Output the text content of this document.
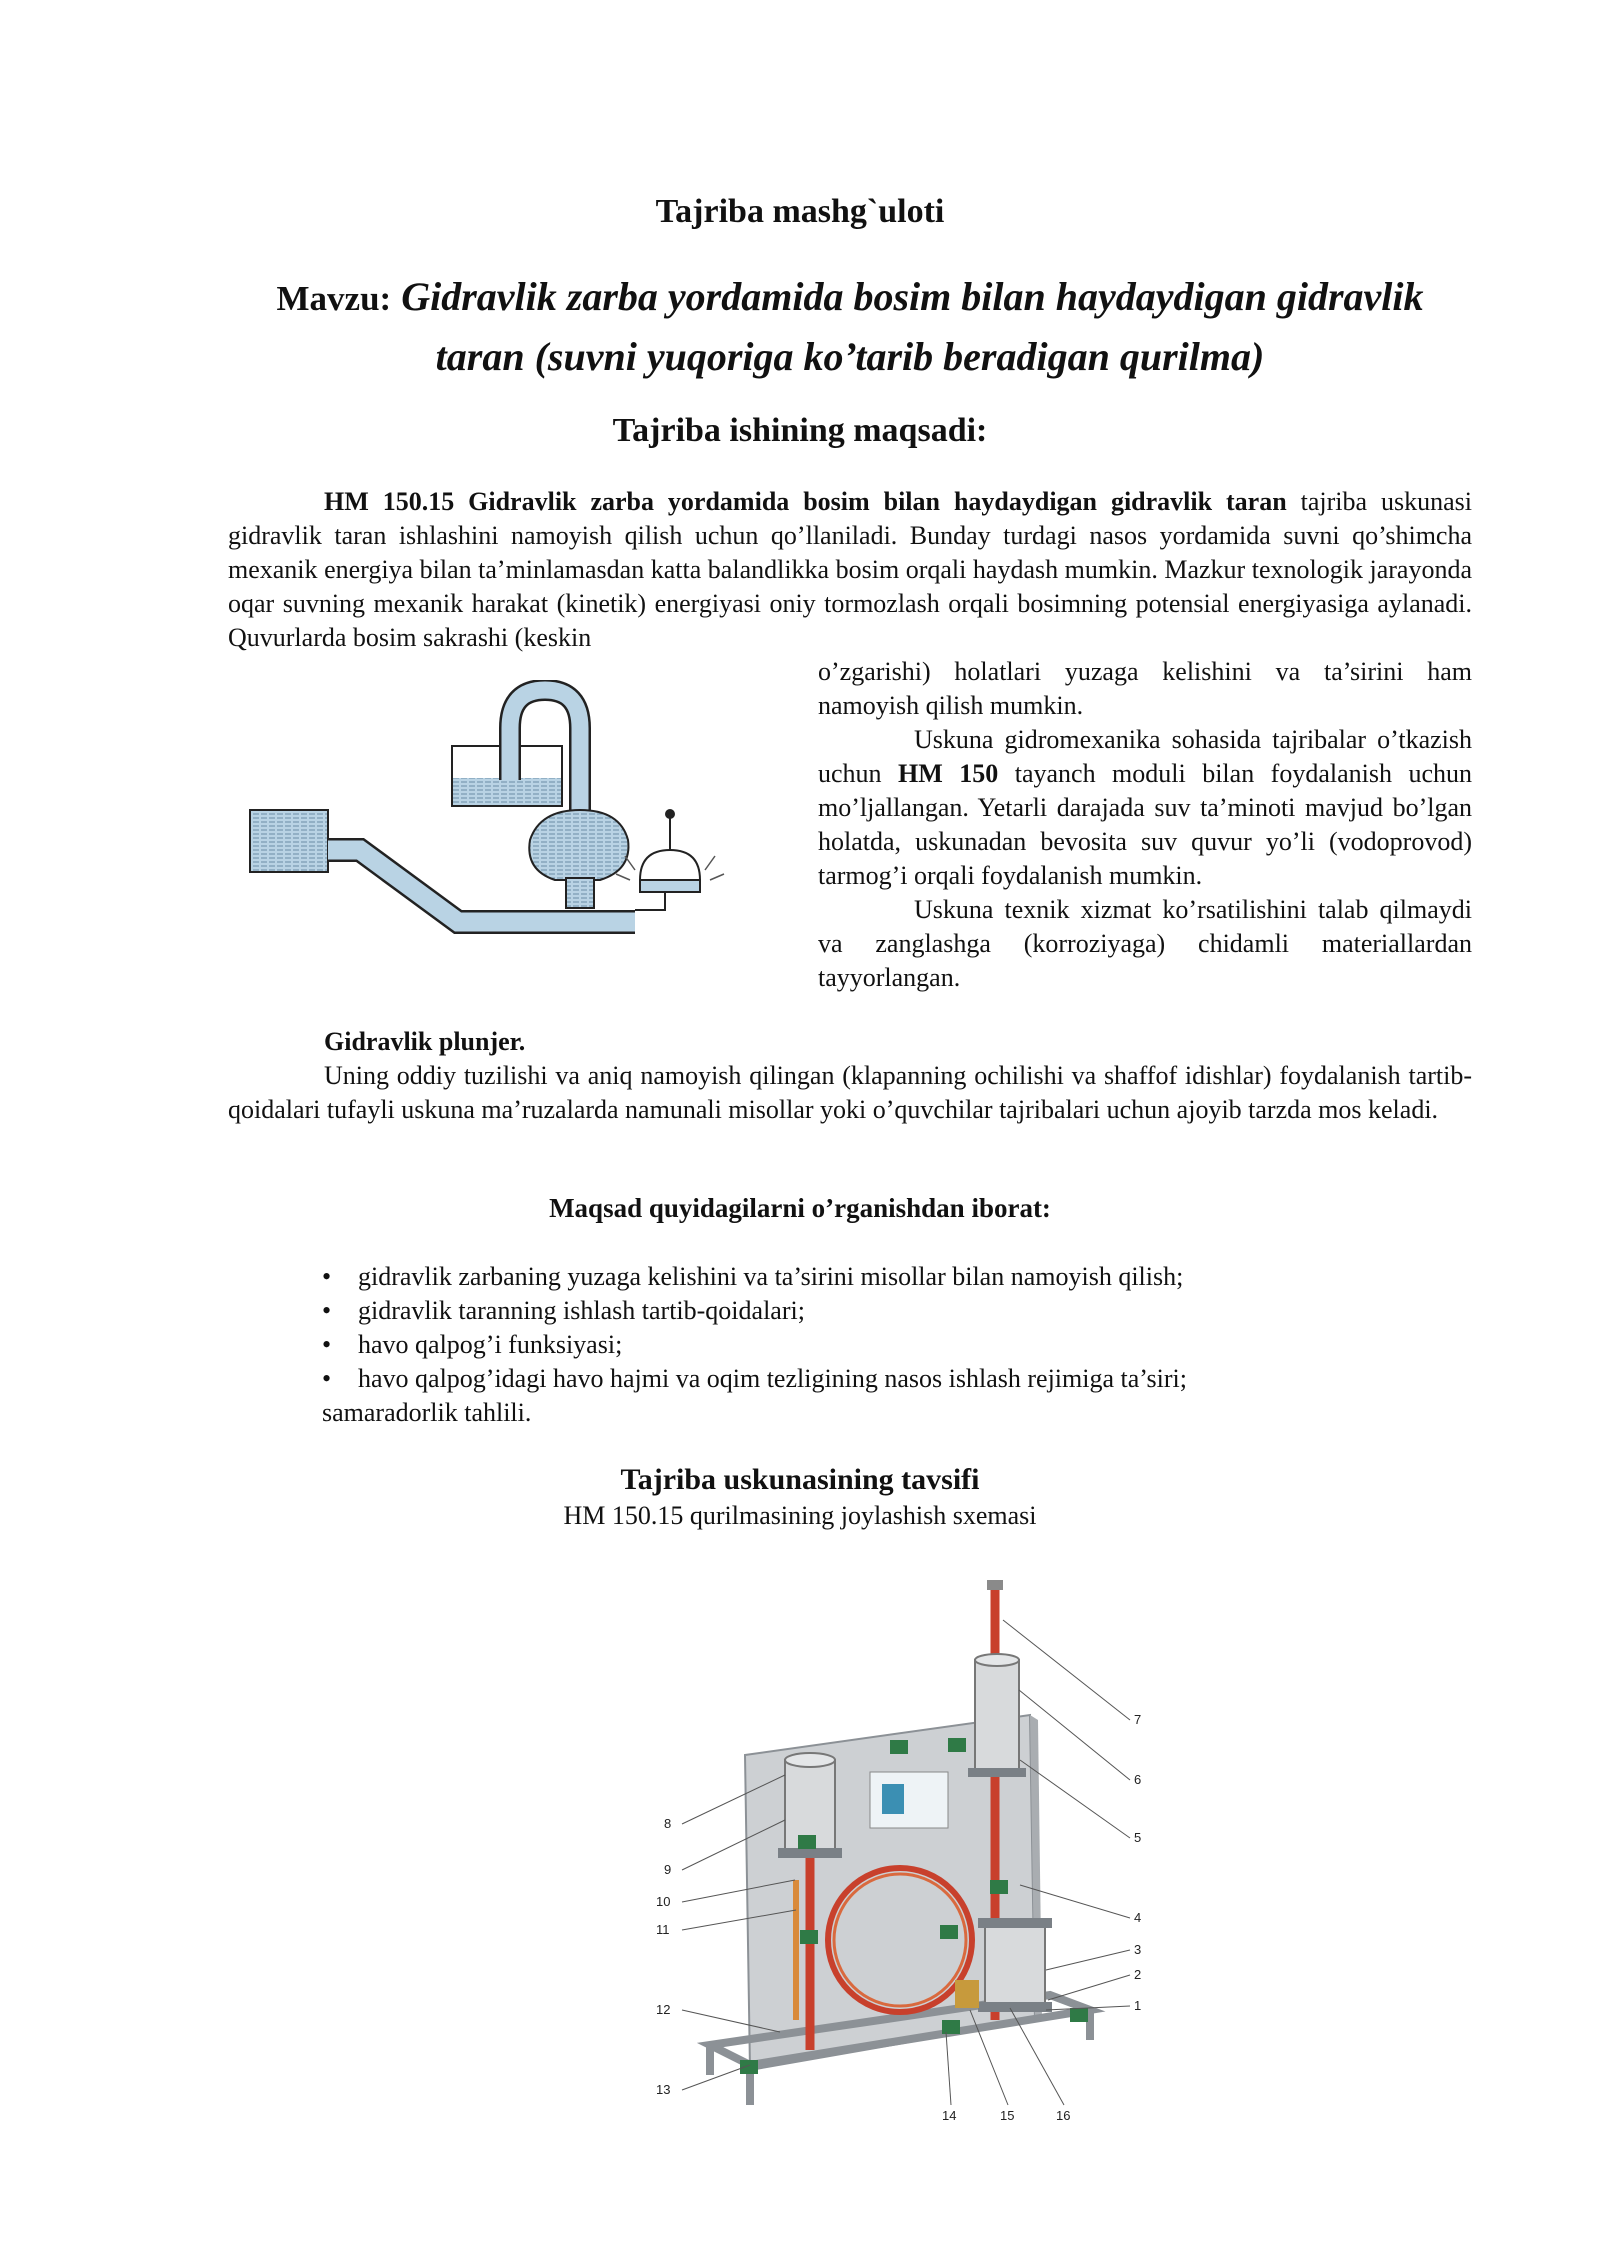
Tajriba mashg`uloti
Mavzu: Gidravlik zarba yordamida bosim bilan haydaydigan gidravlik
taran (suvni yuqoriga ko’tarib beradigan qurilma)
Tajriba ishining maqsadi:

HM 150.15 Gidravlik zarba yordamida bosim bilan haydaydigan gidravlik taran tajriba uskunasi gidravlik taran ishlashini namoyish qilish uchun qo’llaniladi. Bunday turdagi nasos yordamida suvni qo’shimcha mexanik energiya bilan ta’minlamasdan katta balandlikka bosim orqali haydash mumkin. Mazkur texnologik jarayonda oqar suvning mexanik harakat (kinetik) energiyasi oniy tormozlash orqali bosimning potensial energiyasiga aylanadi. Quvurlarda bosim sakrashi (keskin

o’zgarishi) holatlari yuzaga kelishini va ta’sirini ham namoyish qilish mumkin.

Uskuna gidromexanika sohasida tajribalar o’tkazish uchun HM 150 tayanch moduli bilan foydalanish uchun mo’ljallangan. Yetarli darajada suv ta’minoti mavjud bo’lgan holatda, uskunadan bevosita suv quvur yo’li (vodoprovod) tarmog’i orqali foydalanish mumkin.

Uskuna texnik xizmat ko’rsatilishini talab qilmaydi va zanglashga (korroziyaga) chidamli materiallardan tayyorlangan.

Gidravlik plunjer.

Uning oddiy tuzilishi va aniq namoyish qilingan (klapanning ochilishi va shaffof idishlar) foydalanish tartib-qoidalari tufayli uskuna ma’ruzalarda namunali misollar yoki o’quvchilar tajribalari uchun ajoyib tarzda mos keladi.

Maqsad quyidagilarni o’rganishdan iborat:
• gidravlik zarbaning yuzaga kelishini va ta’sirini misollar bilan namoyish qilish;
• gidravlik taranning ishlash tartib-qoidalari;
• havo qalpog’i funksiyasi;
• havo qalpog’idagi havo hajmi va oqim tezligining nasos ishlash rejimiga ta’siri;
samaradorlik tahlili.
Tajriba uskunasining tavsifi
HM 150.15 qurilmasining joylashish sxemasi
1
2
3
4
5
6
7
8
9
10
11
12
13
14	15	16
